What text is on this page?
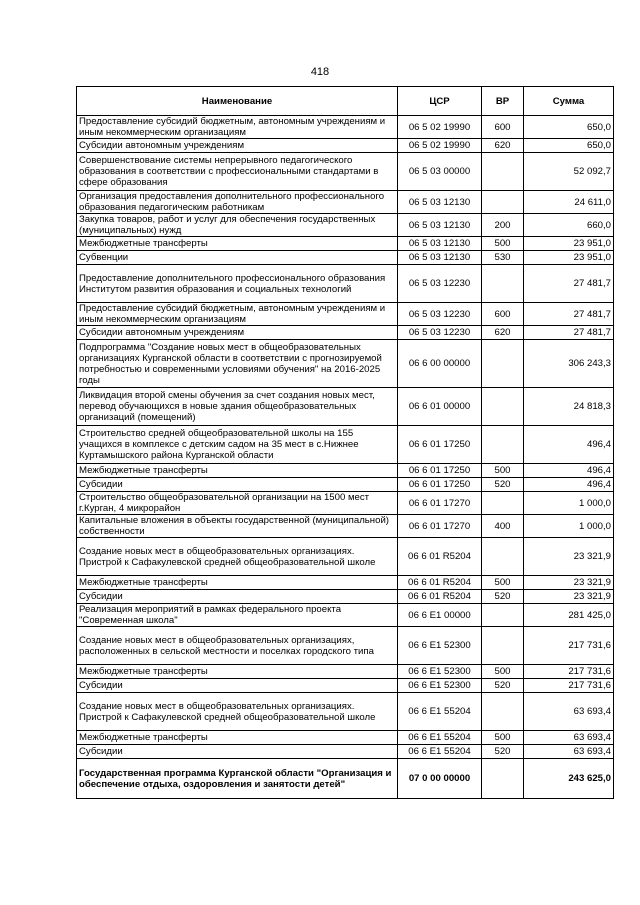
418
Наименование	ЦСР	ВР	Сумма
Предоставление субсидий бюджетным, автономным учреждениям и иным некоммерческим организациям	06 5 02 19990	600	650,0
Субсидии автономным учреждениям	06 5 02 19990	620	650,0
Совершенствование системы непрерывного педагогического образования в соответствии с профессиональными стандартами в сфере образования	06 5 03 00000		52 092,7
Организация предоставления дополнительного профессионального образования педагогическим работникам	06 5 03 12130		24 611,0
Закупка товаров, работ и услуг для обеспечения государственных (муниципальных) нужд	06 5 03 12130	200	660,0
Межбюджетные трансферты	06 5 03 12130	500	23 951,0
Субвенции	06 5 03 12130	530	23 951,0
Предоставление дополнительного профессионального образования Институтом развития образования и социальных технологий	06 5 03 12230		27 481,7
Предоставление субсидий бюджетным, автономным учреждениям и иным некоммерческим организациям	06 5 03 12230	600	27 481,7
Субсидии автономным учреждениям	06 5 03 12230	620	27 481,7
Подпрограмма "Создание новых мест в общеобразовательных организациях Курганской области в соответствии с прогнозируемой потребностью и современными условиями обучения" на 2016-2025 годы	06 6 00 00000		306 243,3
Ликвидация второй смены обучения за счет создания новых мест, перевод обучающихся в новые здания общеобразовательных организаций (помещений)	06 6 01 00000		24 818,3
Строительство средней общеобразовательной школы на 155 учащихся в комплексе с детским садом на 35 мест в с.Нижнее Куртамышского района Курганской области	06 6 01 17250		496,4
Межбюджетные трансферты	06 6 01 17250	500	496,4
Субсидии	06 6 01 17250	520	496,4
Строительство общеобразовательной организации на 1500 мест г.Курган, 4 микрорайон	06 6 01 17270		1 000,0
Капитальные вложения в объекты государственной (муниципальной) собственности	06 6 01 17270	400	1 000,0
Создание новых мест в общеобразовательных организациях. Пристрой к Сафакулевской средней общеобразовательной школе	06 6 01 R5204		23 321,9
Межбюджетные трансферты	06 6 01 R5204	500	23 321,9
Субсидии	06 6 01 R5204	520	23 321,9
Реализация мероприятий в рамках федерального проекта "Современная школа"	06 6 E1 00000		281 425,0
Создание новых мест в общеобразовательных организациях, расположенных в сельской местности и поселках городского типа	06 6 E1 52300		217 731,6
Межбюджетные трансферты	06 6 E1 52300	500	217 731,6
Субсидии	06 6 E1 52300	520	217 731,6
Создание новых мест в общеобразовательных организациях. Пристрой к Сафакулевской средней общеобразовательной школе	06 6 E1 55204		63 693,4
Межбюджетные трансферты	06 6 E1 55204	500	63 693,4
Субсидии	06 6 E1 55204	520	63 693,4
Государственная программа Курганской области "Организация и обеспечение отдыха, оздоровления и занятости детей"	07 0 00 00000		243 625,0
